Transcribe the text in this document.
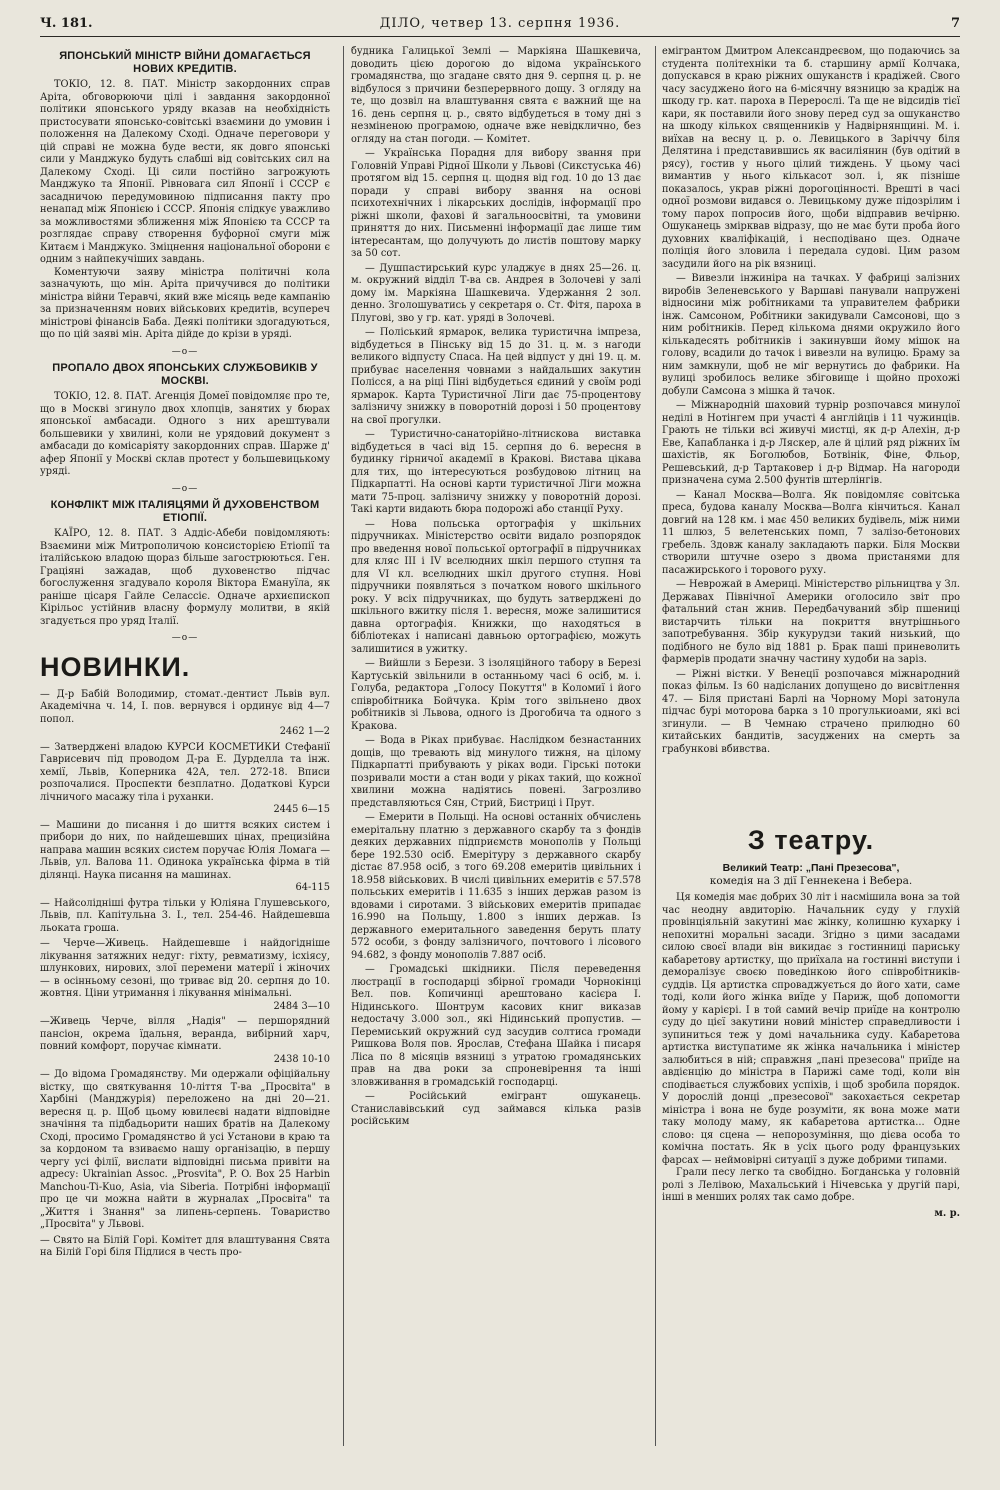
Ч. 181.	ДІЛО, четвер 13. серпня 1936.	7
ЯПОНСЬКИЙ МІНІСТР ВІЙНИ ДОМАГАЄТЬСЯ НОВИХ КРЕДИТІВ.

ТОКІО, 12. 8. ПАТ. Міністр закордонних справ Аріта, обговорюючи цілі і завдання закордонної політики японського уряду вказав на необхідність пристосувати японсько-совітські взаємини до умовин і положення на Далекому Сході. Одначе переговори у цій справі не можна буде вести, як довго японські сили у Манджуко будуть слабші від совітських сил на Далекому Сході. Ці сили постійно загрожують Манджуко та Японії. Рівновага сил Японії і СССР є засадничою передумовиною підписання пакту про ненапад між Японією і СССР. Японія слідкує уважливо за можливостями зближення між Японією та СССР та розглядає справу створення буфорної смуги між Китаєм і Манджуко. Зміцнення національної оборони є одним з найпекучіших завдань.

Коментуючи заяву міністра політичні кола зазначують, що мін. Аріта причучився до політики міністра війни Теравчі, який вже місяць веде кампанію за призначенням нових військових кредитів, всупереч міністрові фінансів Баба. Деякі політики здогадуються, що по цій заяві мін. Аріта дійде до крізи в уряді.

—о—
ПРОПАЛО ДВОХ ЯПОНСЬКИХ СЛУЖБОВИКІВ У МОСКВІ.

ТОКІО, 12. 8. ПАТ. Агенція Домеї повідомляє про те, що в Москві згинуло двох хлопців, занятих у бюрах японської амбасади. Одного з них арештували большевики у хвилині, коли не урядовий документ з амбасади до комісаріяту закордонних справ. Шарже д' афер Японії у Москві склав протест у большевицькому уряді.

—о—
КОНФЛІКТ МІЖ ІТАЛІЯЦЯМИ Й ДУХОВЕНСТВОМ ЕТІОПІЇ.

КАЇРО, 12. 8. ПАТ. З Аддіс-Абеби повідомляють: Взаємини між Митрополичою консисторією Етіопії та італійською владою щораз більше загострюються. Ген. Граціяні зажадав, щоб духовенство підчас богослуження згадувало короля Віктора Емануїла, як раніше цісаря Гайле Селассіє. Одначе архиєпископ Кірільос устійнив власну формулу молитви, в якій згадується про уряд Італії.

—о—
НОВИНКИ.
— Д-р Бабій Володимир, стомат.-дентист Львів вул. Академічна ч. 14, І. пов. вернувся і ординує від 4—7 попол.
2462 1—2
— Затверджені владою КУРСИ КОСМЕТИКИ Стефанії Гаврисевич під проводом Д-ра Е. Дурделла та інж. хемії, Львів, Коперника 42А, тел. 272-18. Вписи розпочалися. Проспекти безплатно. Додаткові Курси лічничого масажу тіла і руханки.
2445 6—15
— Машини до писання і до шиття всяких систем і прибори до них, по найдешевших цінах, прецизійна направа машин всяких систем поручає Юлія Ломага — Львів, ул. Валова 11. Одинока українська фірма в тій ділянці. Наука писання на машинах.
64-115
— Найсолідніші футра тільки у Юліяна Глушевського, Львів, пл. Капітульна 3. І., тел. 254-46. Найдешевша льоката гроша.
— Черче—Живець. Найдешевше і найдогідніше лікування затяжних недуг: гіхту, ревматизму, ісхіясу, шлункових, нирових, злої перемени матерії і жіночих — в осінньому сезоні, що триває від 20. серпня до 10. жовтня. Ціни утримання і лікування мінімальні.
2484 3—10
—Живець Черче, вілля „Надія" — першорядний пансіон, окрема їдальня, веранда, вибірний харч, повний комфорт, поручає кімнати.
2438 10-10
— До відома Громадянству. Ми одержали офіційальну вістку, що святкування 10-ліття Т-ва „Просвіта" в Харбіні (Манджурія) переложено на дні 20—21. вересня ц. р. Щоб цьому ювилеєві надати відповідне значіння та підбадьорити наших братів на Далекому Сході, просимо Громадянство й усі Установи в краю та за кордоном та взиваємо нашу організацію, в першу чергу усі філії, вислати відповідні письма привіти на адресу: Ukrainian Assoc. „Prosvita", P. O. Box 25 Harbin Manchou-Ti-Kuo, Asia, via Siberia. Потрібні інформації про це чи можна найти в журналах „Просвіта" та „Життя і Знання" за липень-серпень. Товариство „Просвіта" у Львові.
— Свято на Білій Горі. Комітет для влаштування Свята на Білій Горі біля Підлися в честь про-

будника Галицької Землі — Маркіяна Шашкевича, доводить цією дорогою до відома українського громадянства, що згадане свято дня 9. серпня ц. р. не відбулося з причини безперервного дощу. З огляду на те, що дозвіл на влаштування свята є важний ще на 16. день серпня ц. р., свято відбудеться в тому дні з незміненою програмою, одначе вже невідклично, без огляду на стан погоди. — Комітет.

— Українська Порадня для вибору звання при Головній Управі Рідної Школи у Львові (Сикстуська 46) протягом від 15. серпня ц. щодня від год. 10 до 13 дає поради у справі вибору звання на основі психотехнічних і лікарських дослідів, інформації про ріжні школи, фахові й загальноосвітні, та умовини приняття до них. Письменні інформації дає лише тим інтересантам, що долучують до листів поштову марку за 50 сот.

— Душпастирський курс уладжує в днях 25—26. ц. м. окружний відділ Т-ва св. Андрея в Золочеві у залі дому ім. Маркіяна Шашкевича. Удержання 2 зол. денно. Зголошуватись у секретаря о. Ст. Фітя, пароха в Плугові, зво у гр. кат. уряді в Золочеві.

— Поліський ярмарок, велика туристична імпреза, відбудеться в Пінську від 15 до 31. ц. м. з нагоди великого відпусту Спаса. На цей відпуст у дні 19. ц. м. прибуває населення човнами з найдальших закутин Полісся, а на ріці Піні відбудеться єдиний у своїм роді ярмарок. Карта Туристичної Ліги дає 75-процентову залізничу знижку в поворотній дорозі і 50 процентову на свої прогулки.

— Туристично-санаторійно-літнискова виставка відбудеться в часі від 15. серпня до 6. вересня в будинку гірничої академії в Кракові. Вистава цікава для тих, що інтересуються розбудовою літниц на Підкарпатті. На основі карти туристичної Ліги можна мати 75-проц. залізничу знижку у поворотній дорозі. Такі карти видають бюра подорожі або станції Руху.

— Нова польська ортографія у шкільних підручниках. Міністерство освіти видало розпорядок про введення нової польської ортографії в підручниках для кляс ІІІ і IV вселюдних шкіл першого ступня та для VI кл. вселюдних шкіл другого ступня. Нові підручники появляться з початком нового шкільного року. У всіх підручниках, що будуть затверджені до шкільного вжитку після 1. вересня, може залишитися давна ортографія. Книжки, що находяться в бібліотеках і написані давньою ортографією, можуть залишитися в ужитку.

— Вийшли з Берези. З ізоляційного табору в Березі Картуській звільнили в останньому часі 6 осіб, м. і. Голуба, редактора „Голосу Покуття" в Коломиї і його співробітника Бойчука. Крім того звільнено двох робітників зі Львова, одного із Дрогобича та одного з Кракова.

— Вода в Ріках прибуває. Наслідком безнастанних дощів, що тревають від минулого тижня, на цілому Підкарпатті прибувають у ріках води. Гірські потоки позривали мости а стан води у ріках такий, що кожної хвилини можна надіятись повені. Загрозливо представляються Сян, Стрий, Бистриці і Прут.

— Емерити в Польщі. На основі останніх обчислень емерітальну платню з державного скарбу та з фондів деяких державних підприємств монополів у Польщі бере 192.530 осіб. Емерітуру з державного скарбу дістає 87.958 осіб, з того 69.208 емеритів цивільних і 18.958 військових. В числі цивільних емеритів є 57.578 польських емеритів і 11.635 з інших держав разом із вдовами і сиротами. З військових емеритів припадає 16.990 на Польщу, 1.800 з інших держав. Із державного емеритального заведення беруть плату 572 особи, з фонду залізничого, почтового і лісового 94.682, з фонду монополів 7.887 осіб.

— Громадські шкідники. Після переведення люстрації в господарці збірної громади Чорнокінці Вел. пов. Копичинці арештовано касієра І. Нідинського. Шонтрум касових книг виказав недостачу 3.000 зол., які Нідинський пропустив. — Перемиський окружний суд засудив солтиса громади Ришкова Воля пов. Ярослав, Стефана Шайка і писаря Ліса по 8 місяців вязниці з утратою громадянських прав на два роки за спроневірення та інші зловживання в громадській господарці.

— Російський емігрант ошуканець. Станиславівський суд займався кілька разів російським

емігрантом Дмитром Александреєвом, що подаючись за студента політехніки та б. старшину армії Колчака, допускався в краю ріжних ошуканств і крадіжей. Свого часу засуджено його на 6-місячну вязницю за крадіж на шкоду гр. кат. пароха в Перерослі. Та ще не відсидів тієї кари, як поставили його знову перед суд за ошуканство на шкоду кількох священників у Надвірнянщині. М. і. виїхав на весну ц. р. о. Левицького в Заріччу біля Делятина і представившись як василіянин (був одітий в рясу), гостив у нього цілий тиждень. У цьому часі вимантив у нього кількасот зол. і, як пізніше показалось, украв ріжні дорогоцінності. Врешті в часі одної розмови видався о. Левицькому дуже підозрілим і тому парох попросив його, щоби відправив вечірню. Ошуканець змірквав відразу, що не має бути проба його духовних кваліфікацій, і несподівано щез. Одначе поліція його зловила і передала судові. Цим разом засудили його на рік вязниці.

— Вивезли інжиніра на тачках. У фабриці залізних виробів Зеленевського у Варшаві панували напружені відносини між робітниками та управителем фабрики інж. Самсоном, Робітники закидували Самсонові, що з ним робітників. Перед кількома днями окружило його кількадесять робітників і закинувши йому мішок на голову, всадили до тачок і вивезли на вулицю. Браму за ним замкнули, щоб не міг вернутись до фабрики. На вулиці зробилось велике збіговище і щойно прохожі добули Самсона з мішка й тачок.

— Міжнародній шаховий турнір розпочався минулої неділі в Нотінгем при участі 4 англійців і 11 чужинців. Грають не тільки всі живучі мистці, як д-р Алехін, д-р Еве, Капабланка і д-р Ляскер, але й цілий ряд ріжних їм шахістів, як Боголюбов, Ботвінік, Фіне, Фльор, Решевський, д-р Тартаковер і д-р Відмар. На нагороди призначена сума 2.500 фунтів штерлінгів.

— Канал Москва—Волга. Як повідомляє совітська преса, будова каналу Москва—Волга кінчиться. Канал довгий на 128 км. і має 450 великих будівель, між ними 11 шлюз, 5 велетенських помп, 7 залізо-бетонових гребель. Здовж каналу закладають парки. Біля Москви створили штучне озеро з двома пристанями для пасажирського і торового руху.

— Неврожай в Америці. Міністерство рільництва у Зл. Державах Північної Америки оголосило звіт про фатальний стан жнив. Передбачуваний збір пшениці вистарчить тільки на покриття внутрішнього запотребування. Збір кукурудзи такий низький, що подібного не було від 1881 р. Брак паші приневолить фармерів продати значну частину худоби на заріз.

— Ріжні вістки. У Венеції розпочався міжнародний показ фільм. Із 60 надісланих допущено до висвітлення 47. — Біля пристані Барлі на Чорному Морі затонула підчас бурі моторова барка з 10 прогулькиоами, які всі згинули. — В Чемнаю страчено прилюдно 60 китайських бандитів, засуджених на смерть за грабункові вбивства.

З театру.
Великий Театр: „Пані Презесова",
комедія на 3 дії Геннекена і Вебера.

Ця комедія має добрих 30 літ і насмішила вона за той час неодну авдиторію. Начальник суду у глухій провінціяльній закутині має жінку, колишню кухарку і непохитні моральні засади. Згідно з цими засадами силою своєї влади він викидає з гостинниці париську кабаретову артистку, що приїхала на гостинні виступи і деморалізує своєю поведінкою його співробітників-суддів. Ця артистка спроваджується до його хати, саме тоді, коли його жінка виїде у Париж, щоб допомогти йому у карієрі. І в той самий вечір приїде на контролю суду до цієї закутини новий міністер справедливости і зупиниться теж у домі начальника суду. Кабаретова артистка виступатиме як жінка начальника і міністер залюбиться в ній; справжня „пані презесова" приїде на авдієнцію до міністра в Парижі саме тоді, коли він сподівається службових успіхів, і щоб зробила порядок. У дорослій донці „презесової" закохається секретар міністра і вона не буде розуміти, як вона може мати таку молоду маму, як кабаретова артистка... Одне слово: ця сцена — непорозуміння, що дієва особа то комічна постать. Як в усіх цього роду французьких фарсах — неймовірні ситуації з дуже добрими типами.

Грали песу легко та свобідно. Богданська у головній ролі з Лелівою, Махальський і Нічевська у другій парі, інші в менших ролях так само добре.

м. р.
